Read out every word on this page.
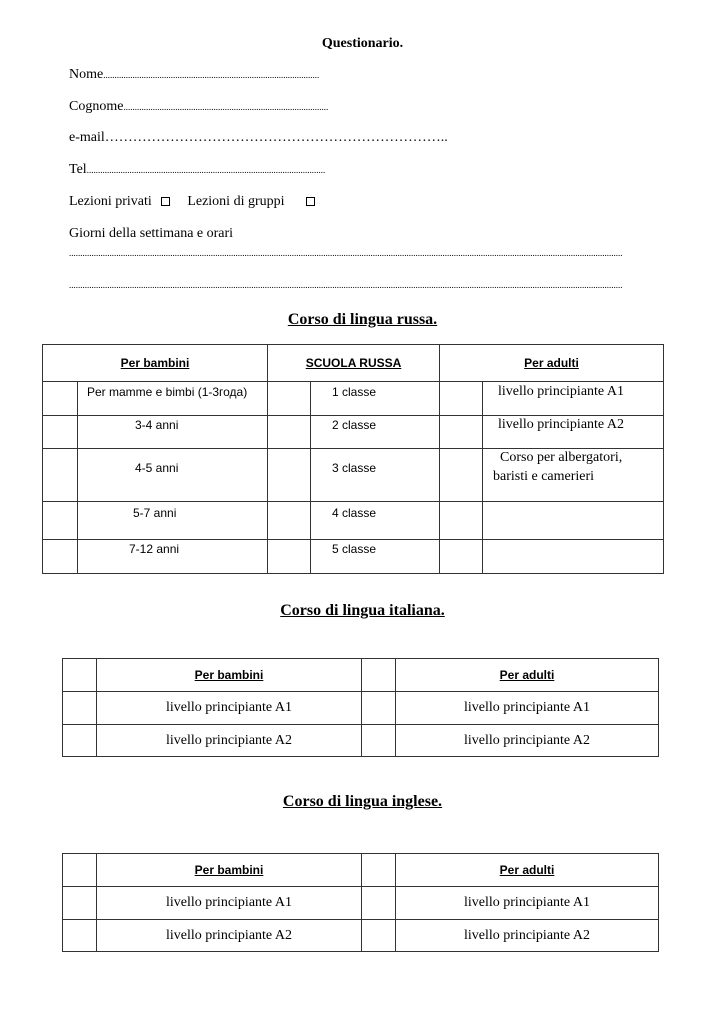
Questionario.
Nome................................................................................................
Cognome...........................................................................................
e-mail………………………………………………………………..
Tel..........................................................................................................
Lezioni privati	Lezioni di gruppi
Giorni della settimana e orari
......................................................................................................................................................................................................................................................
......................................................................................................................................................................................................................................................
Corso di lingua russa.
Per bambini	SCUOLA RUSSA	Per adulti

Per mamme e bimbi (1-3года)	1 classe	livello principiante A1

3-4 anni	2 classe	livello principiante A2

4-5 anni	3 classe	Corso per albergatori,
baristi e camerieri

5-7 anni	4 classe	

7-12 anni	5 classe	

Corso di lingua italiana.
	Per bambini		Per adulti
	livello principiante A1		livello principiante A1
	livello principiante A2		livello principiante A2
Corso di lingua inglese.
	Per bambini		Per adulti
	livello principiante A1		livello principiante A1
	livello principiante A2		livello principiante A2
